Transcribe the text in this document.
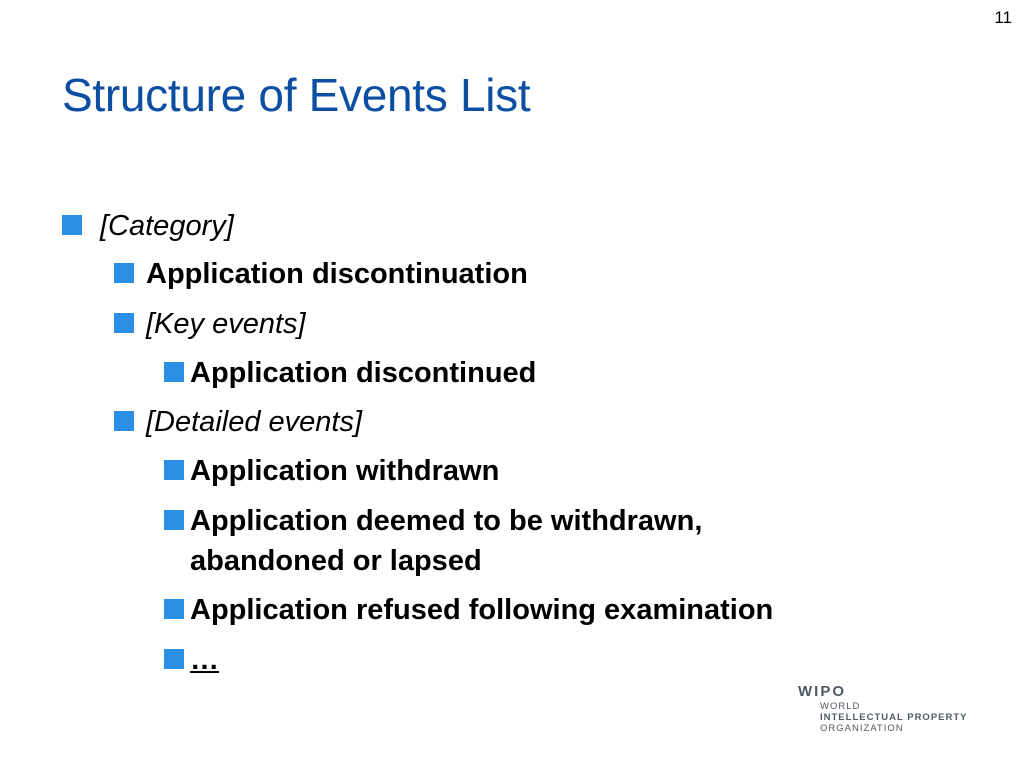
11
Structure of Events List
[Category]
Application discontinuation
[Key events]
Application discontinued
[Detailed events]
Application withdrawn
Application deemed to be withdrawn, abandoned or lapsed
Application refused following examination
…
WIPO
WORLD
INTELLECTUAL PROPERTY
ORGANIZATION
